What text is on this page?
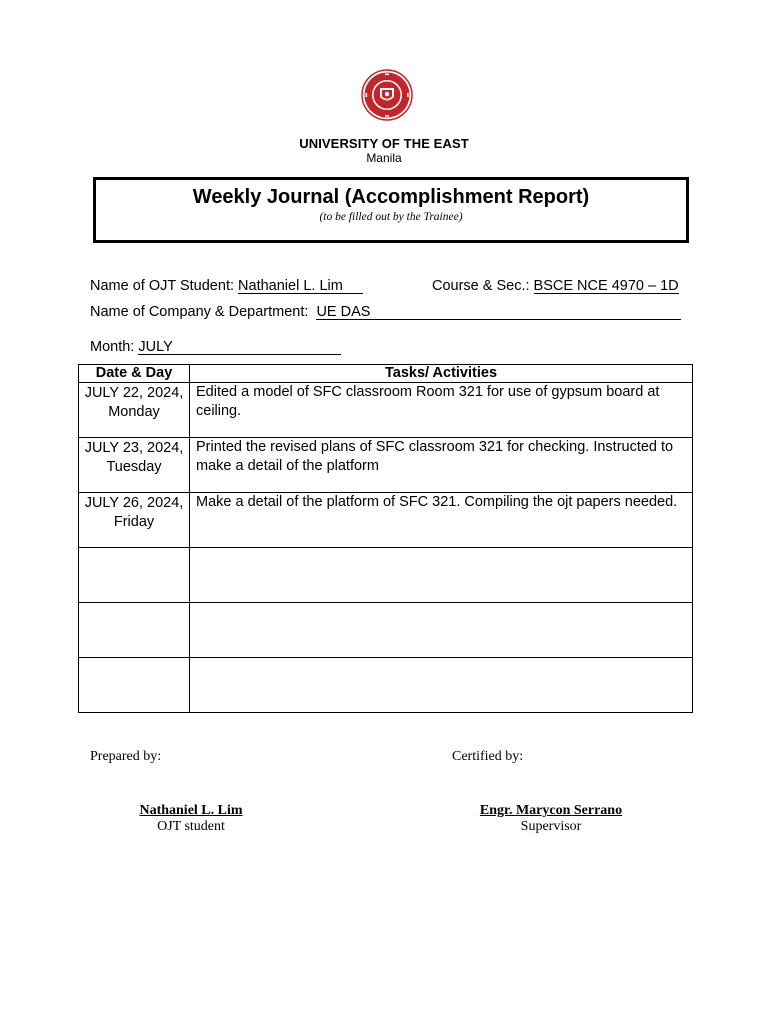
UNIVERSITY OF THE EAST
Manila
Weekly Journal (Accomplishment Report)
(to be filled out by the Trainee)
Name of OJT Student: Nathaniel L. Lim	Course & Sec.: BSCE NCE 4970 – 1D
Name of Company & Department: UE DAS
Month: JULY
Date & Day	Tasks/ Activities
JULY 22, 2024, Monday	Edited a model of SFC classroom Room 321 for use of gypsum board at ceiling.
JULY 23, 2024, Tuesday	Printed the revised plans of SFC classroom 321 for checking. Instructed to make a detail of the platform
JULY 26, 2024, Friday	Make a detail of the platform of SFC 321. Compiling the ojt papers needed.

Prepared by:	Certified by:
Nathaniel L. Lim
OJT student
Engr. Marycon Serrano
Supervisor
